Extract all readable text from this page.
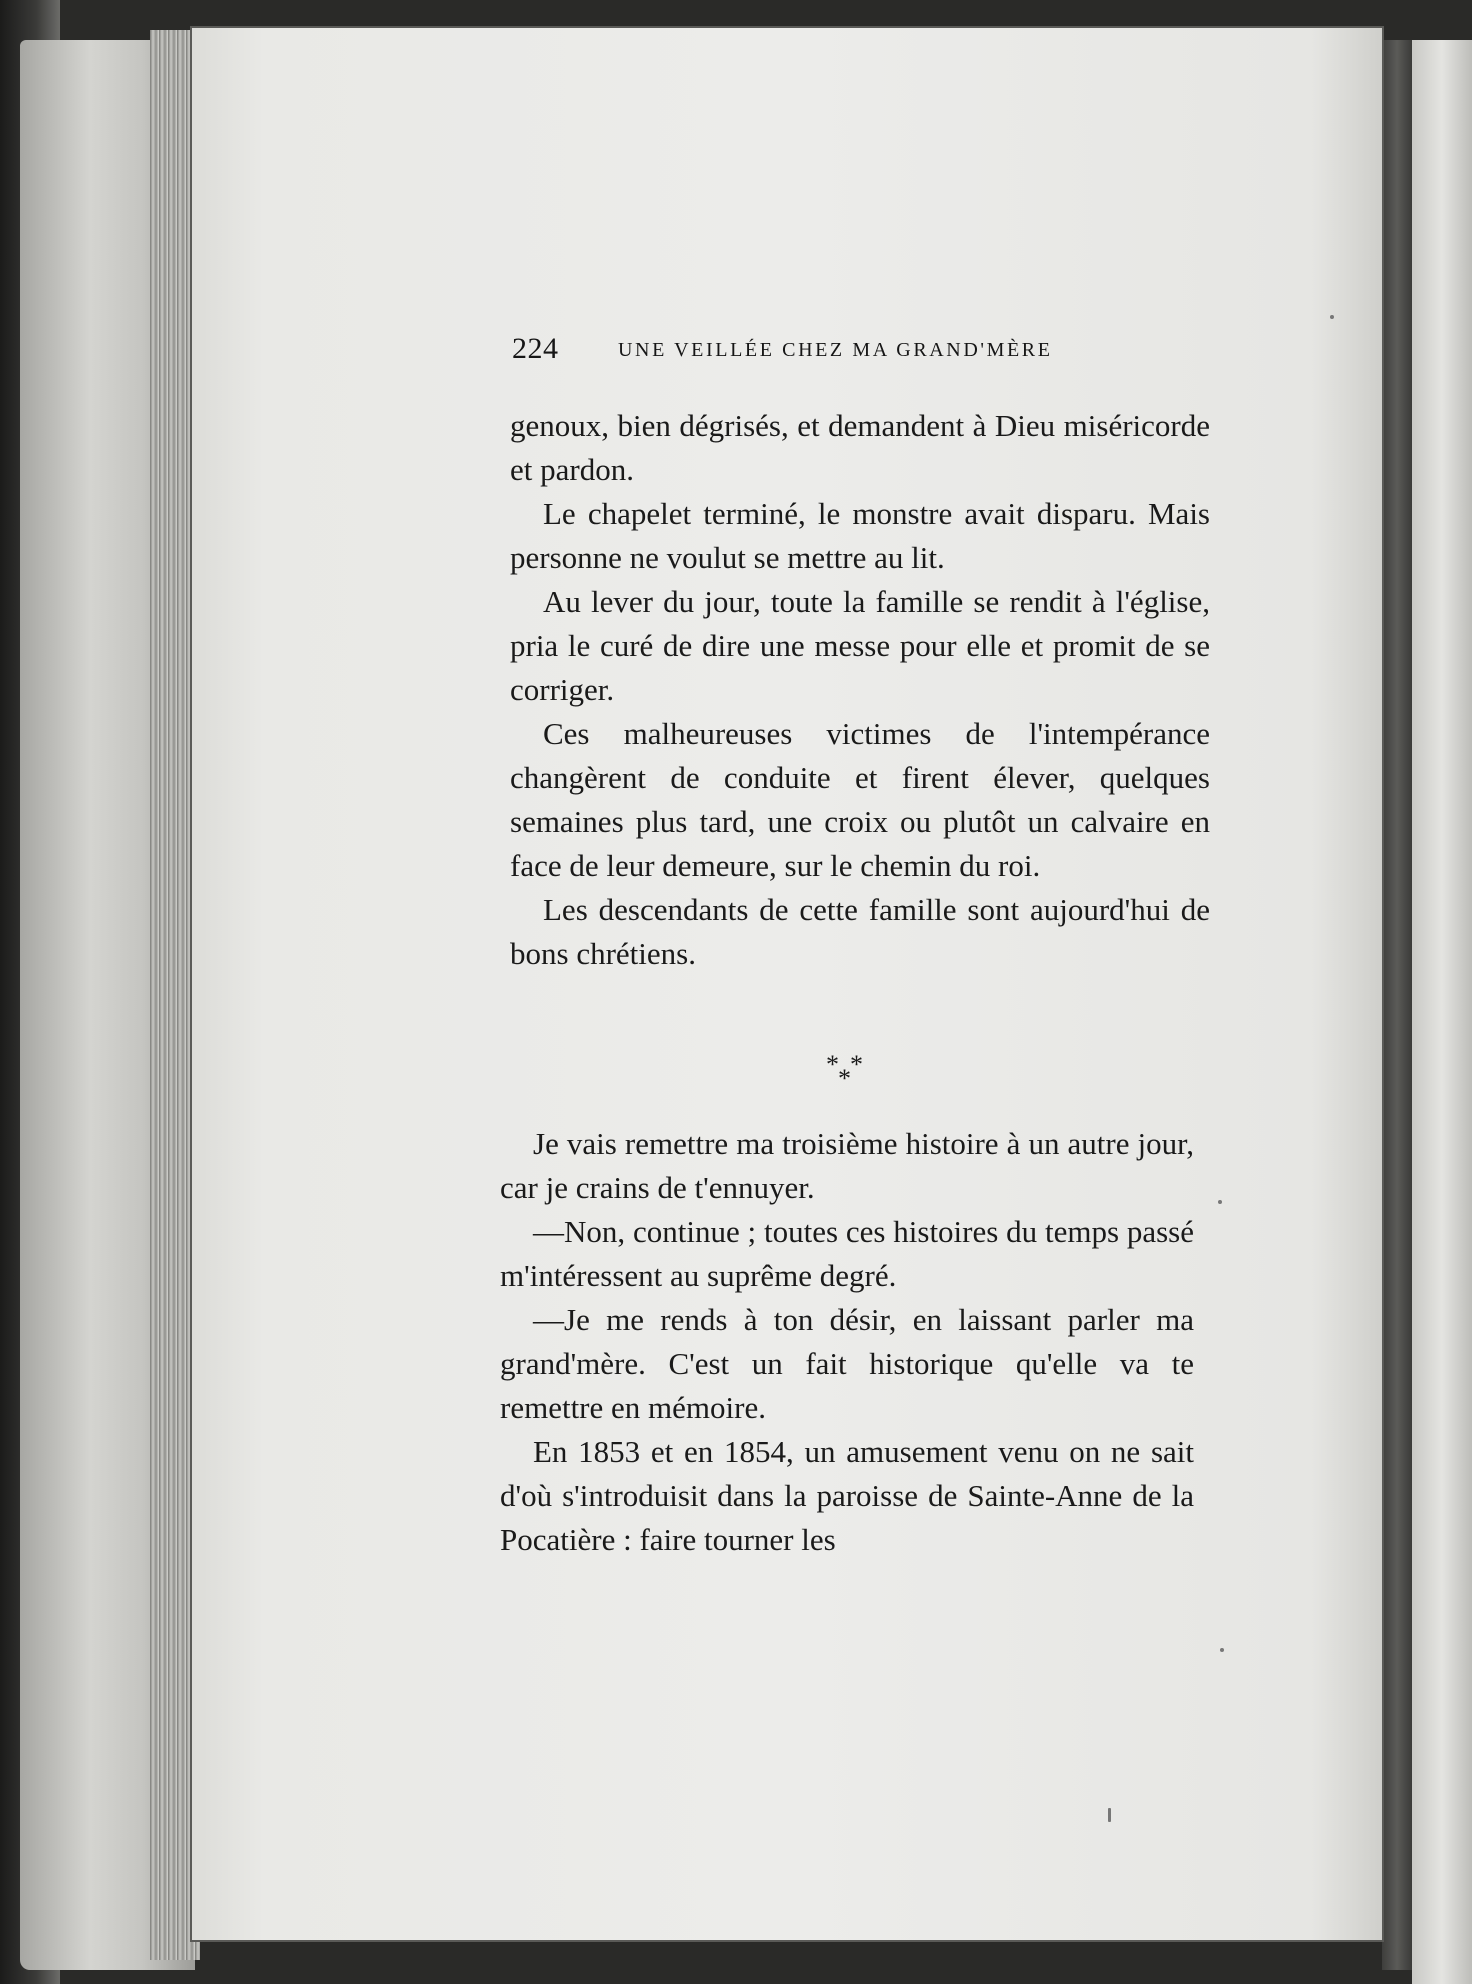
224	UNE VEILLÉE CHEZ MA GRAND'MÈRE

genoux, bien dégrisés, et demandent à Dieu miséricorde et pardon.

Le chapelet terminé, le monstre avait disparu. Mais personne ne voulut se mettre au lit.

Au lever du jour, toute la famille se rendit à l'église, pria le curé de dire une messe pour elle et promit de se corriger.

Ces malheureuses victimes de l'intempérance changèrent de conduite et firent élever, quelques semaines plus tard, une croix ou plutôt un calvaire en face de leur demeure, sur le chemin du roi.

Les descendants de cette famille sont aujourd'hui de bons chrétiens.

* *
*

Je vais remettre ma troisième histoire à un autre jour, car je crains de t'ennuyer.

—Non, continue ; toutes ces histoires du temps passé m'intéressent au suprême degré.

—Je me rends à ton désir, en laissant parler ma grand'mère. C'est un fait historique qu'elle va te remettre en mémoire.

En 1853 et en 1854, un amusement venu on ne sait d'où s'introduisit dans la paroisse de Sainte-Anne de la Pocatière : faire tourner les
